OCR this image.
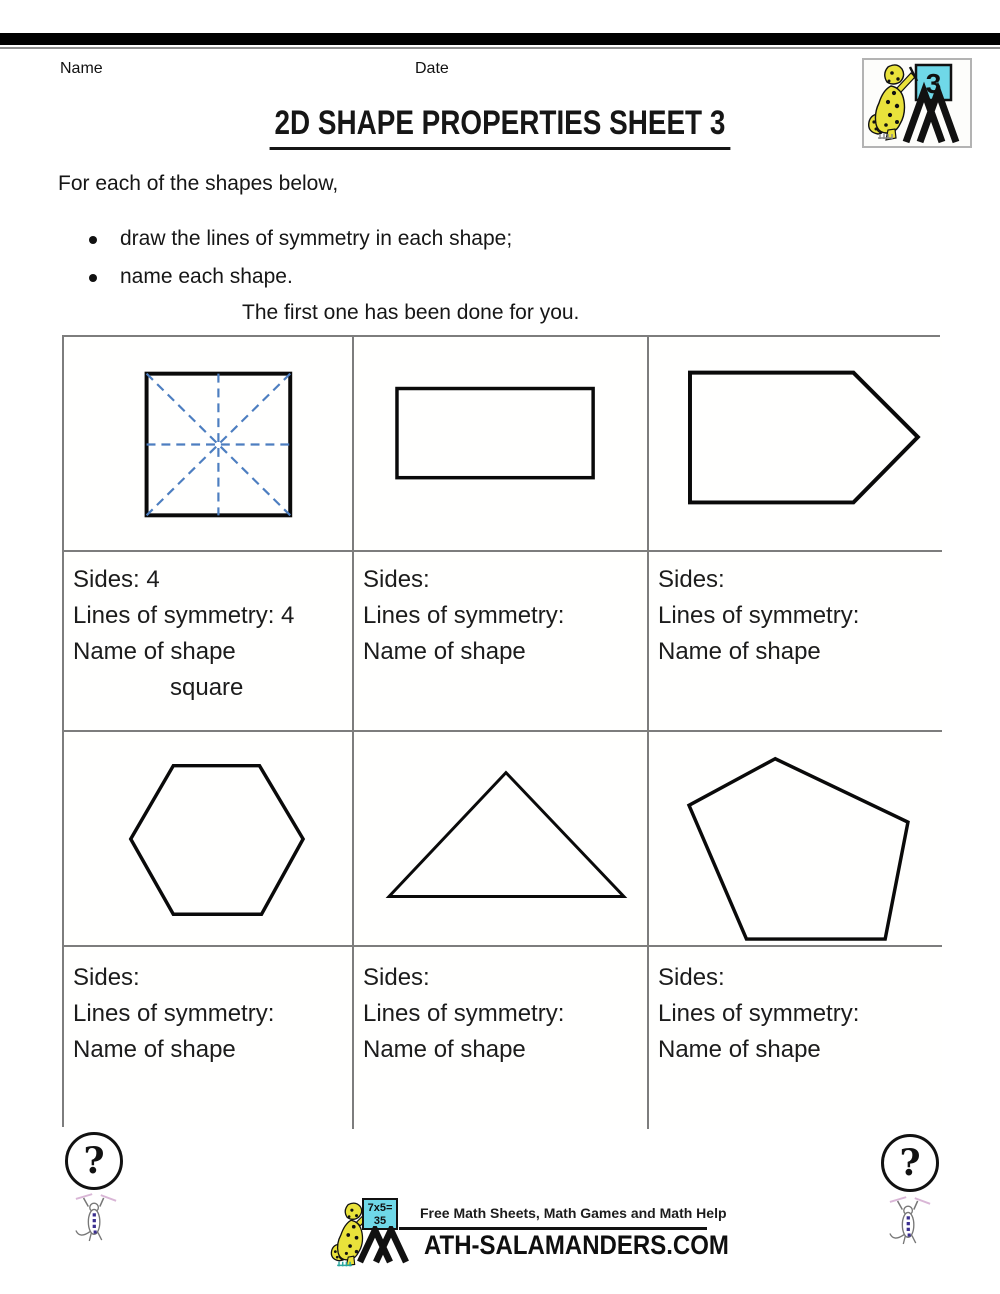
Name	Date	3
2D SHAPE PROPERTIES SHEET 3
For each of the shapes below,
draw the lines of symmetry in each shape;
name each shape.
The first one has been done for you.
Sides: 4
Lines of symmetry: 4
Name of shape
square
Sides:
Lines of symmetry:
Name of shape
Sides:
Lines of symmetry:
Name of shape
Sides:
Lines of symmetry:
Name of shape
Sides:
Lines of symmetry:
Name of shape
Sides:
Lines of symmetry:
Name of shape
?	?
7x5=
35	Free Math Sheets, Math Games and Math Help
ATH-SALAMANDERS.COM
